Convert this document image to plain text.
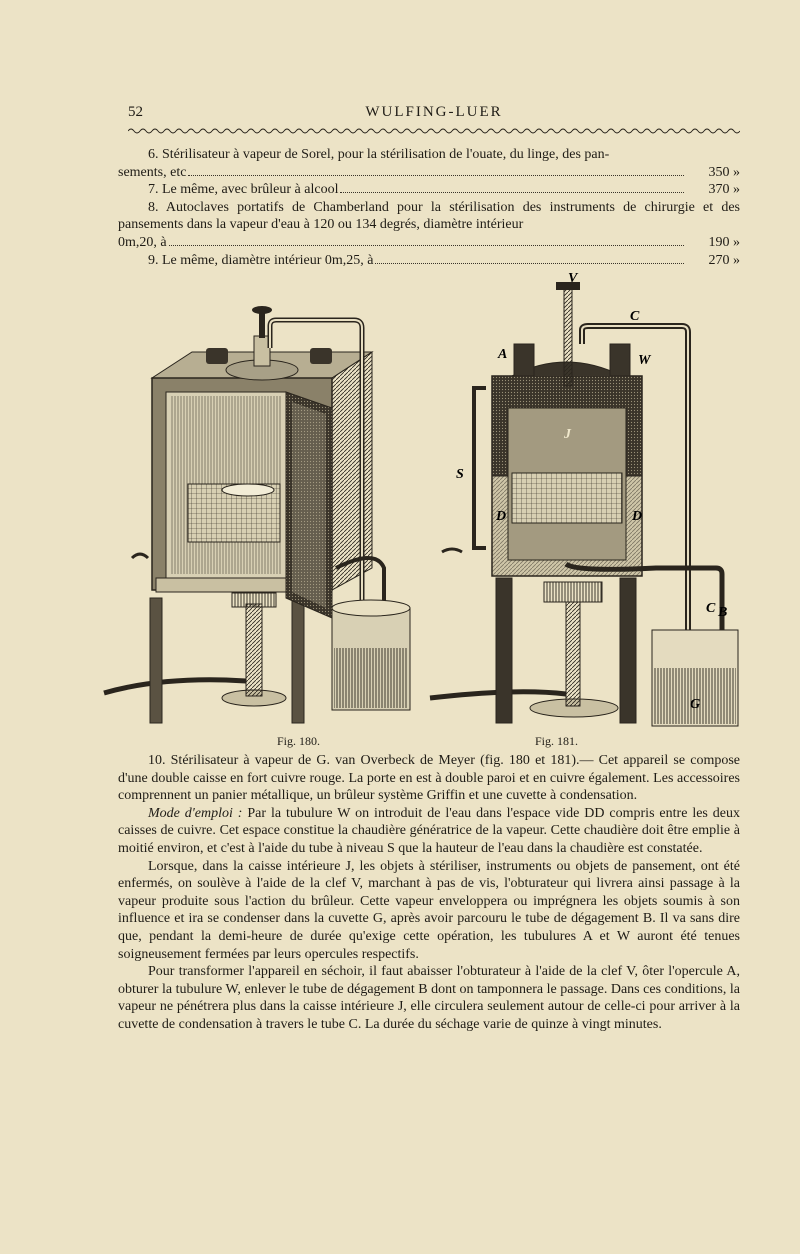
52	WULFING-LUER
6. Stérilisateur à vapeur de Sorel, pour la stérilisation de l'ouate, du linge, des pan-
sements, etc	350 »
7. Le même, avec brûleur à alcool	370 »
8. Autoclaves portatifs de Chamberland pour la stérilisation des instruments de chirurgie et des pansements dans la vapeur d'eau à 120 ou 134 degrés, diamètre intérieur
0m,20, à	190 »
9. Le même, diamètre intérieur 0m,25, à	270 »
V
C
A	W
J
S
D	D
C B
G
Fig. 180.	Fig. 181.

10. Stérilisateur à vapeur de G. van Overbeck de Meyer (fig. 180 et 181).— Cet appareil se compose d'une double caisse en fort cuivre rouge. La porte en est à double paroi et en cuivre également. Les accessoires comprennent un panier métallique, un brûleur système Griffin et une cuvette à condensation.

Mode d'emploi : Par la tubulure W on introduit de l'eau dans l'espace vide DD compris entre les deux caisses de cuivre. Cet espace constitue la chaudière génératrice de la vapeur. Cette chaudière doit être emplie à moitié environ, et c'est à l'aide du tube à niveau S que la hauteur de l'eau dans la chaudière est constatée.

Lorsque, dans la caisse intérieure J, les objets à stériliser, instruments ou objets de pansement, ont été enfermés, on soulève à l'aide de la clef V, marchant à pas de vis, l'obturateur qui livrera ainsi passage à la vapeur produite sous l'action du brûleur. Cette vapeur enveloppera ou imprégnera les objets soumis à son influence et ira se condenser dans la cuvette G, après avoir parcouru le tube de dégagement B. Il va sans dire que, pendant la demi-heure de durée qu'exige cette opération, les tubulures A et W auront été tenues soigneusement fermées par leurs opercules respectifs.

Pour transformer l'appareil en séchoir, il faut abaisser l'obturateur à l'aide de la clef V, ôter l'opercule A, obturer la tubulure W, enlever le tube de dégagement B dont on tamponnera le passage. Dans ces conditions, la vapeur ne pénétrera plus dans la caisse intérieure J, elle circulera seulement autour de celle-ci pour arriver à la cuvette de condensation à travers le tube C. La durée du séchage varie de quinze à vingt minutes.
